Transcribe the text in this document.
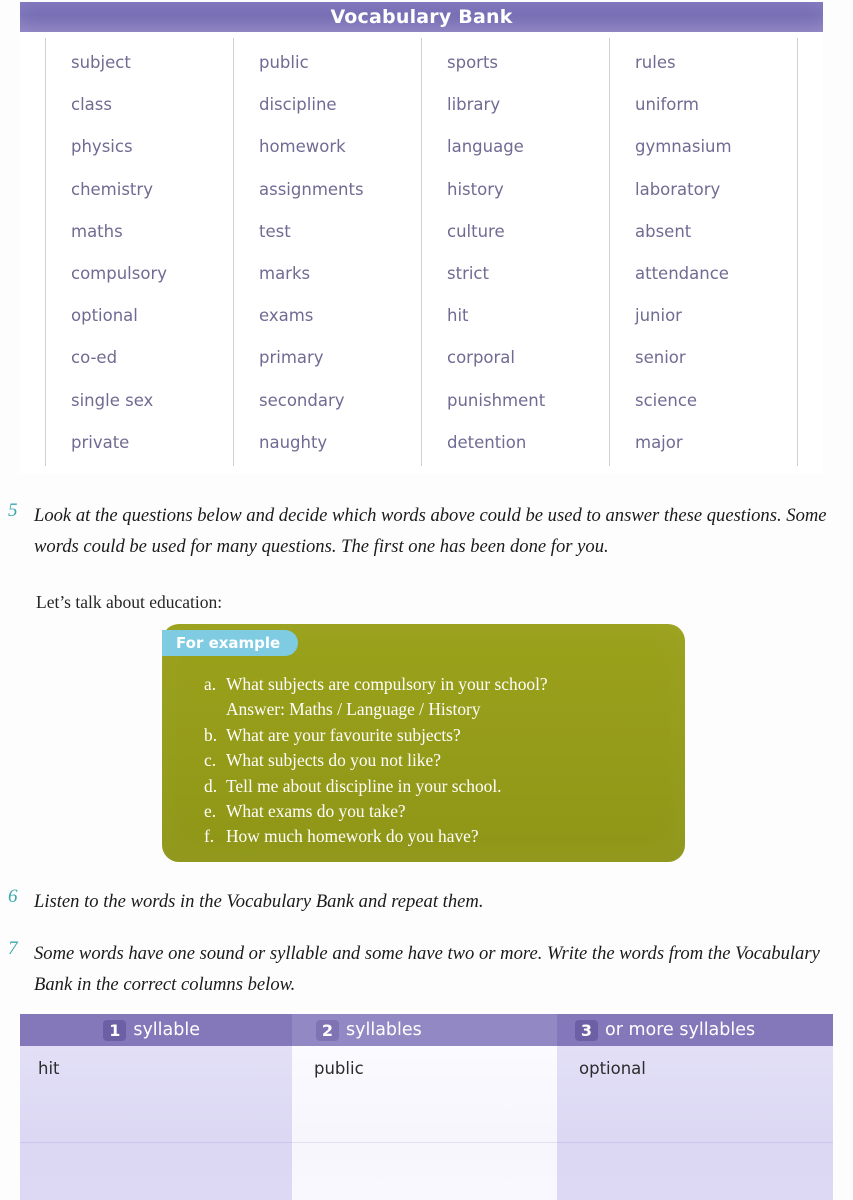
Vocabulary Bank
subject
class
physics
chemistry
maths
compulsory
optional
co-ed
single sex
private
public
discipline
homework
assignments
test
marks
exams
primary
secondary
naughty
sports
library
language
history
culture
strict
hit
corporal
punishment
detention
rules
uniform
gymnasium
laboratory
absent
attendance
junior
senior
science
major
5 Look at the questions below and decide which words above could be used to answer these questions. Some words could be used for many questions. The first one has been done for you.
Let’s talk about education:
For example
a. What subjects are compulsory in your school?
Answer: Maths / Language / History
b. What are your favourite subjects?
c. What subjects do you not like?
d. Tell me about discipline in your school.
e. What exams do you take?
f. How much homework do you have?
6 Listen to the words in the Vocabulary Bank and repeat them.
7 Some words have one sound or syllable and some have two or more. Write the words from the Vocabulary Bank in the correct columns below.
1 syllable
hit
2 syllables
public
3 or more syllables
optional
